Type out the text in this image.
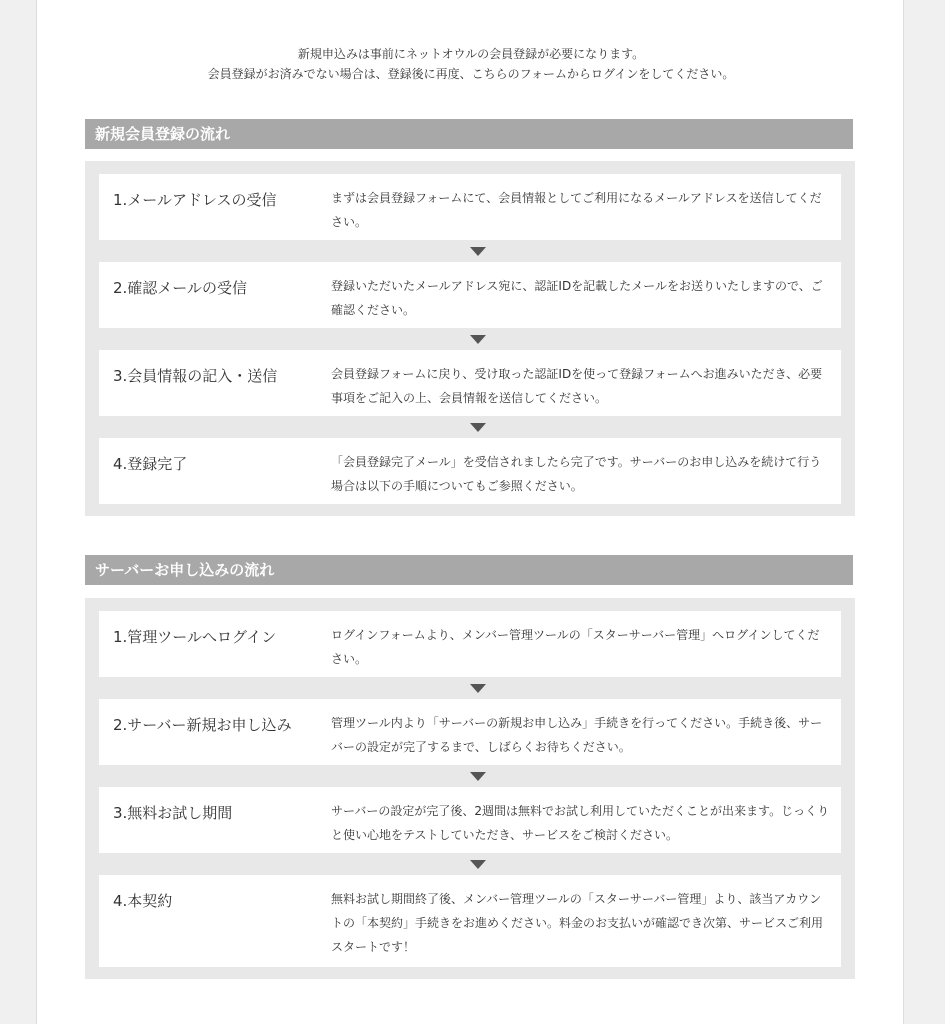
新規申込みは事前にネットオウルの会員登録が必要になります。
会員登録がお済みでない場合は、登録後に再度、こちらのフォームからログインをしてください。
新規会員登録の流れ
1.メールアドレスの受信	まずは会員登録フォームにて、会員情報としてご利用になるメールアドレスを送信してください。
2.確認メールの受信	登録いただいたメールアドレス宛に、認証IDを記載したメールをお送りいたしますので、ご確認ください。
3.会員情報の記入・送信	会員登録フォームに戻り、受け取った認証IDを使って登録フォームへお進みいただき、必要事項をご記入の上、会員情報を送信してください。
4.登録完了	「会員登録完了メール」を受信されましたら完了です。サーバーのお申し込みを続けて行う場合は以下の手順についてもご参照ください。
サーバーお申し込みの流れ
1.管理ツールへログイン	ログインフォームより、メンバー管理ツールの「スターサーバー管理」へログインしてください。
2.サーバー新規お申し込み	管理ツール内より「サーバーの新規お申し込み」手続きを行ってください。手続き後、サーバーの設定が完了するまで、しばらくお待ちください。
3.無料お試し期間	サーバーの設定が完了後、2週間は無料でお試し利用していただくことが出来ます。じっくりと使い心地をテストしていただき、サービスをご検討ください。
4.本契約	無料お試し期間終了後、メンバー管理ツールの「スターサーバー管理」より、該当アカウントの「本契約」手続きをお進めください。料金のお支払いが確認でき次第、サービスご利用スタートです！
